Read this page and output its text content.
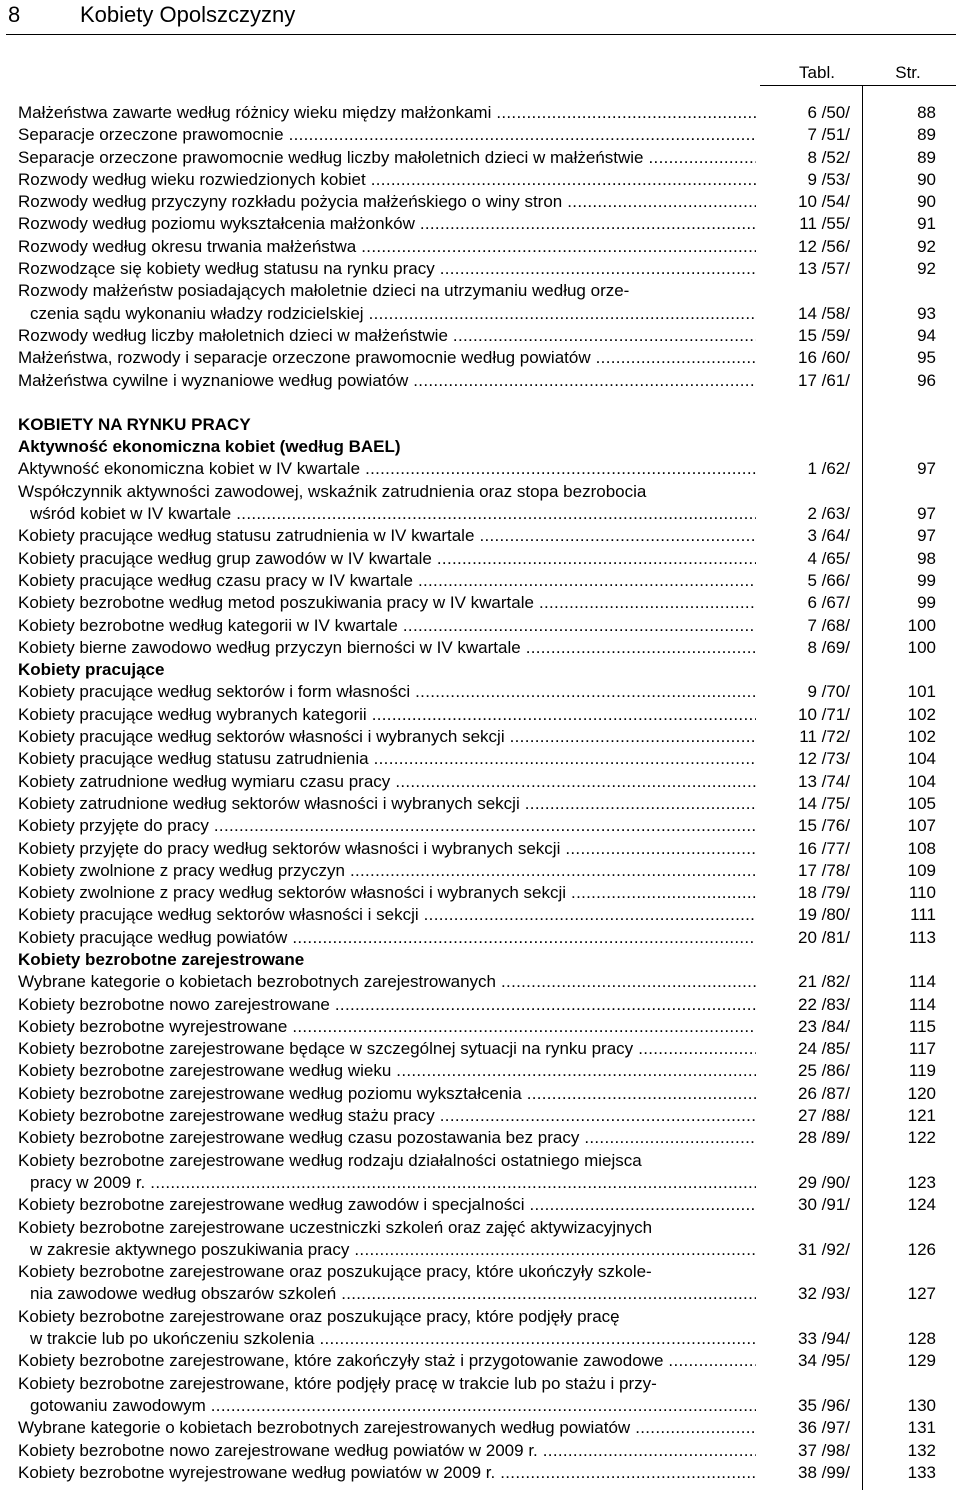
8	Kobiety Opolszczyzny
Tabl.	Str.
Małżeństwa zawarte według różnicy wieku między małżonkami .....	6 /50/	88
Separacje orzeczone prawomocnie .....	7 /51/	89
Separacje orzeczone prawomocnie według liczby małoletnich dzieci w małżeństwie .....	8 /52/	89
Rozwody według wieku rozwiedzionych kobiet .....	9 /53/	90
Rozwody według przyczyny rozkładu pożycia małżeńskiego o winy stron .....	10 /54/	90
Rozwody według poziomu wykształcenia małżonków .....	11 /55/	91
Rozwody według okresu trwania małżeństwa .....	12 /56/	92
Rozwodzące się kobiety według statusu na rynku pracy .....	13 /57/	92
Rozwody małżeństw posiadających małoletnie dzieci na utrzymaniu według orze-
czenia sądu wykonaniu władzy rodzicielskiej .....	14 /58/	93
Rozwody według liczby małoletnich dzieci w małżeństwie .....	15 /59/	94
Małżeństwa, rozwody i separacje orzeczone prawomocnie według powiatów .....	16 /60/	95
Małżeństwa cywilne i wyznaniowe według powiatów .....	17 /61/	96
KOBIETY NA RYNKU PRACY
Aktywność ekonomiczna kobiet (według BAEL)
Aktywność ekonomiczna kobiet w IV kwartale .....	1 /62/	97
Współczynnik aktywności zawodowej, wskaźnik zatrudnienia oraz stopa bezrobocia
wśród kobiet w IV kwartale .....	2 /63/	97
Kobiety pracujące według statusu zatrudnienia w IV kwartale .....	3 /64/	97
Kobiety pracujące według grup zawodów w IV kwartale .....	4 /65/	98
Kobiety pracujące według czasu pracy w IV kwartale .....	5 /66/	99
Kobiety bezrobotne według metod poszukiwania pracy w IV kwartale .....	6 /67/	99
Kobiety bezrobotne według kategorii w IV kwartale .....	7 /68/	100
Kobiety bierne zawodowo według przyczyn bierności w IV kwartale .....	8 /69/	100
Kobiety pracujące
Kobiety pracujące według sektorów i form własności .....	9 /70/	101
Kobiety pracujące według wybranych kategorii .....	10 /71/	102
Kobiety pracujące według sektorów własności i wybranych sekcji .....	11 /72/	102
Kobiety pracujące według statusu zatrudnienia .....	12 /73/	104
Kobiety zatrudnione według wymiaru czasu pracy .....	13 /74/	104
Kobiety zatrudnione według sektorów własności i wybranych sekcji .....	14 /75/	105
Kobiety przyjęte do pracy .....	15 /76/	107
Kobiety przyjęte do pracy według sektorów własności i wybranych sekcji .....	16 /77/	108
Kobiety zwolnione z pracy według przyczyn .....	17 /78/	109
Kobiety zwolnione z pracy według sektorów własności i wybranych sekcji .....	18 /79/	110
Kobiety pracujące według sektorów własności i sekcji .....	19 /80/	111
Kobiety pracujące według powiatów .....	20 /81/	113
Kobiety bezrobotne zarejestrowane
Wybrane kategorie o kobietach bezrobotnych zarejestrowanych .....	21 /82/	114
Kobiety bezrobotne nowo zarejestrowane .....	22 /83/	114
Kobiety bezrobotne wyrejestrowane .....	23 /84/	115
Kobiety bezrobotne zarejestrowane będące w szczególnej sytuacji na rynku pracy .....	24 /85/	117
Kobiety bezrobotne zarejestrowane według wieku .....	25 /86/	119
Kobiety bezrobotne zarejestrowane według poziomu wykształcenia .....	26 /87/	120
Kobiety bezrobotne zarejestrowane według stażu pracy .....	27 /88/	121
Kobiety bezrobotne zarejestrowane według czasu pozostawania bez pracy .....	28 /89/	122
Kobiety bezrobotne zarejestrowane według rodzaju działalności ostatniego miejsca
pracy w 2009 r. .....	29 /90/	123
Kobiety bezrobotne zarejestrowane według zawodów i specjalności .....	30 /91/	124
Kobiety bezrobotne zarejestrowane uczestniczki szkoleń oraz zajęć aktywizacyjnych
w zakresie aktywnego poszukiwania pracy .....	31 /92/	126
Kobiety bezrobotne zarejestrowane oraz poszukujące pracy, które ukończyły szkole-
nia zawodowe według obszarów szkoleń .....	32 /93/	127
Kobiety bezrobotne zarejestrowane oraz poszukujące pracy, które podjęły pracę
w trakcie lub po ukończeniu szkolenia .....	33 /94/	128
Kobiety bezrobotne zarejestrowane, które zakończyły staż i przygotowanie zawodowe .....	34 /95/	129
Kobiety bezrobotne zarejestrowane, które podjęły pracę w trakcie lub po stażu i przy-
gotowaniu zawodowym .....	35 /96/	130
Wybrane kategorie o kobietach bezrobotnych zarejestrowanych według powiatów .....	36 /97/	131
Kobiety bezrobotne nowo zarejestrowane według powiatów w 2009 r. .....	37 /98/	132
Kobiety bezrobotne wyrejestrowane według powiatów w 2009 r. .....	38 /99/	133
